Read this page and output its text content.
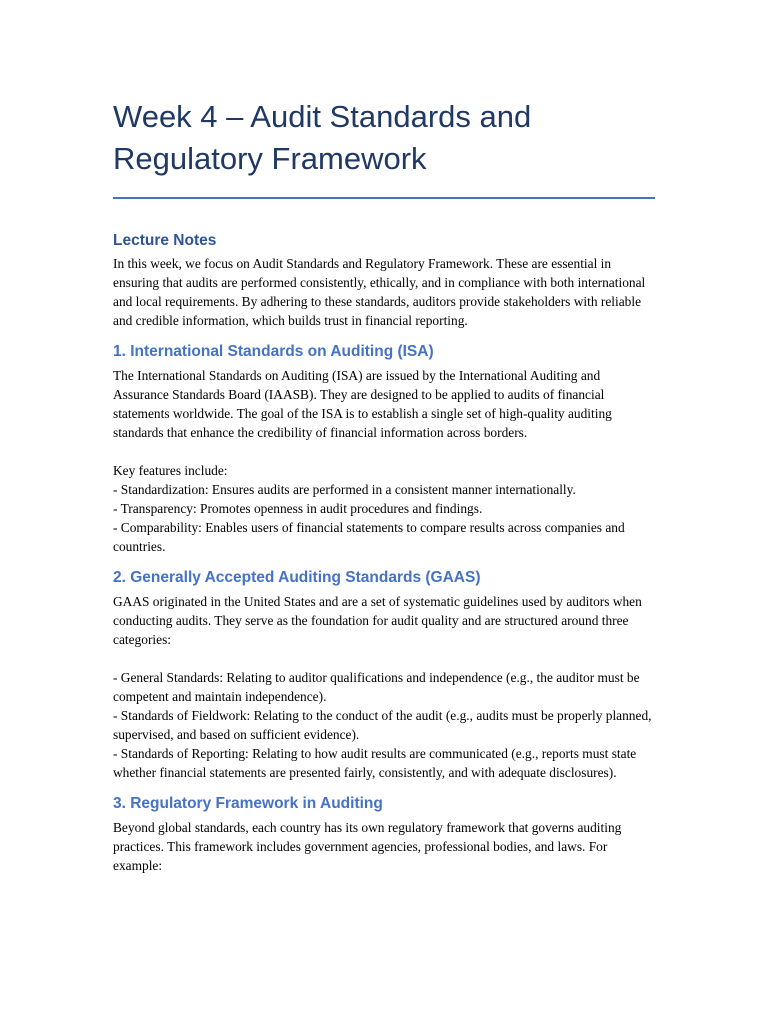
Week 4 – Audit Standards and
Regulatory Framework
Lecture Notes

In this week, we focus on Audit Standards and Regulatory Framework. These are essential in ensuring that audits are performed consistently, ethically, and in compliance with both international and local requirements. By adhering to these standards, auditors provide stakeholders with reliable and credible information, which builds trust in financial reporting.

1. International Standards on Auditing (ISA)

The International Standards on Auditing (ISA) are issued by the International Auditing and Assurance Standards Board (IAASB). They are designed to be applied to audits of financial statements worldwide. The goal of the ISA is to establish a single set of high-quality auditing standards that enhance the credibility of financial information across borders.

Key features include:

- Standardization: Ensures audits are performed in a consistent manner internationally.

- Transparency: Promotes openness in audit procedures and findings.

- Comparability: Enables users of financial statements to compare results across companies and countries.

2. Generally Accepted Auditing Standards (GAAS)

GAAS originated in the United States and are a set of systematic guidelines used by auditors when conducting audits. They serve as the foundation for audit quality and are structured around three categories:

- General Standards: Relating to auditor qualifications and independence (e.g., the auditor must be competent and maintain independence).

- Standards of Fieldwork: Relating to the conduct of the audit (e.g., audits must be properly planned, supervised, and based on sufficient evidence).

- Standards of Reporting: Relating to how audit results are communicated (e.g., reports must state whether financial statements are presented fairly, consistently, and with adequate disclosures).

3. Regulatory Framework in Auditing

Beyond global standards, each country has its own regulatory framework that governs auditing practices. This framework includes government agencies, professional bodies, and laws. For example:
